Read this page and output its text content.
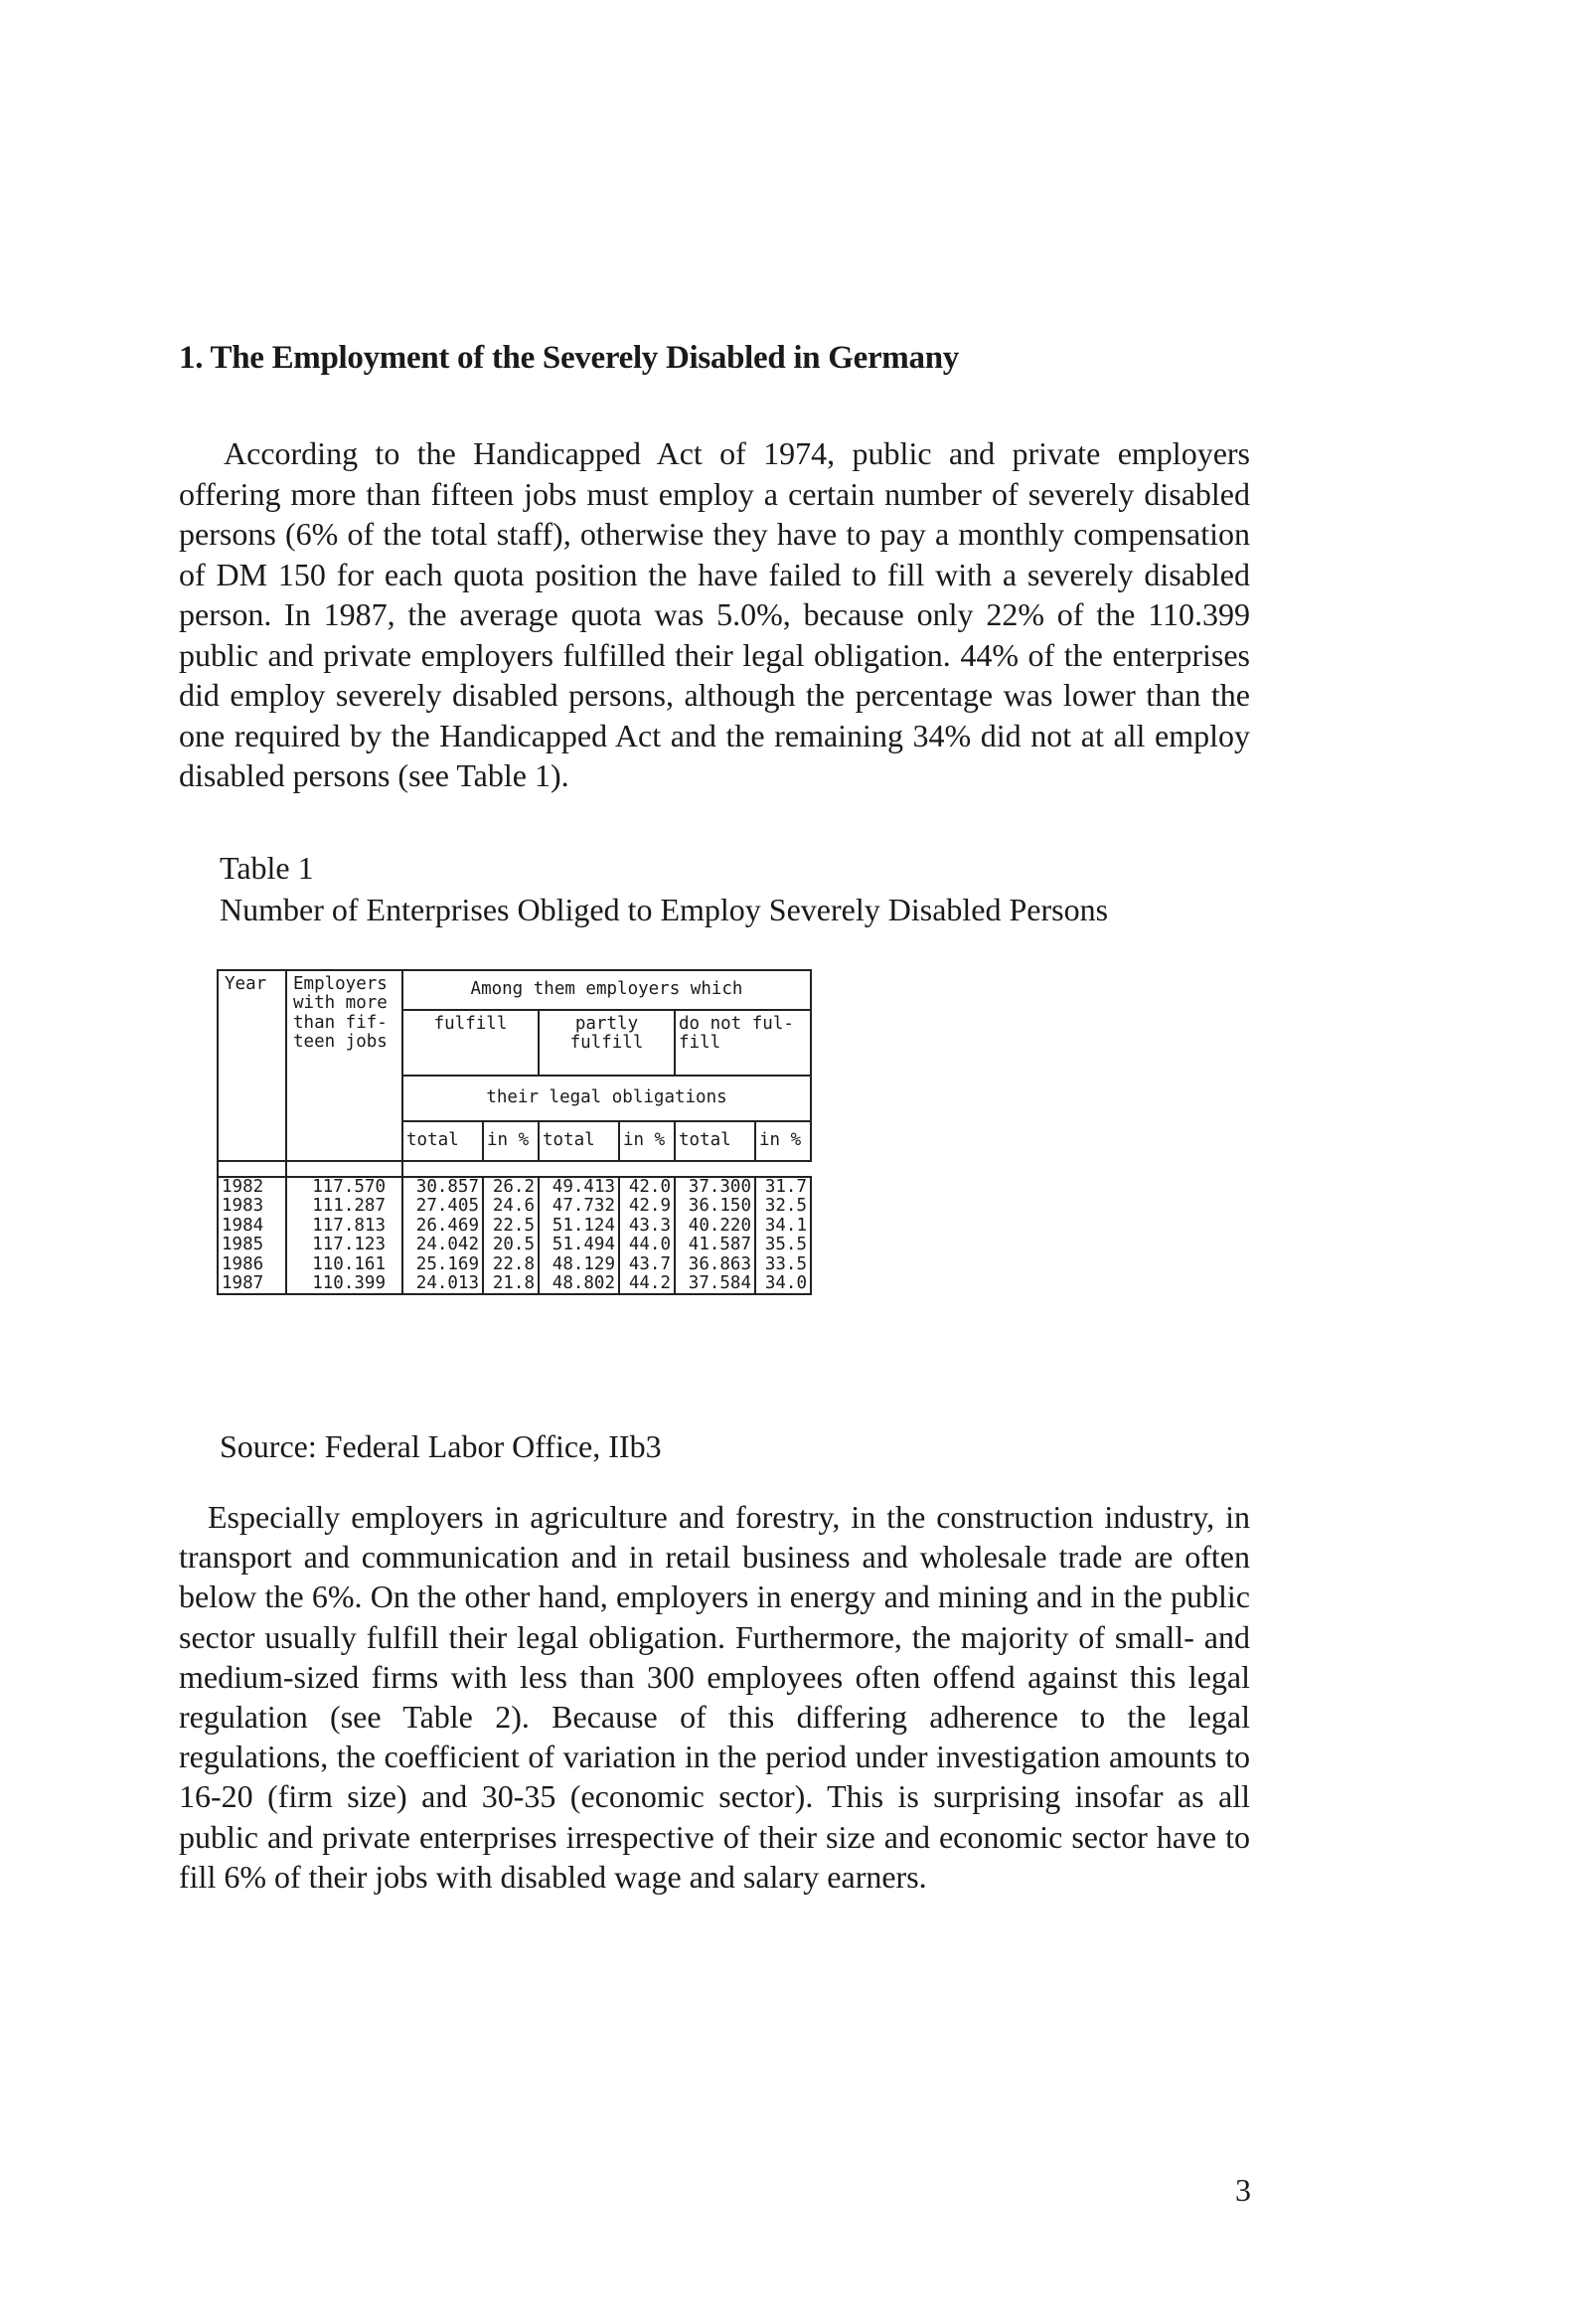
1. The Employment of the Severely Disabled in Germany
According to the Handicapped Act of 1974, public and private employers offering more than fifteen jobs must employ a certain number of severely disabled persons (6% of the total staff), otherwise they have to pay a monthly compensation of DM 150 for each quota position the have failed to fill with a severely disabled person. In 1987, the average quota was 5.0%, because only 22% of the 110.399 public and private employers fulfilled their legal obligation. 44% of the enterprises did employ severely disabled persons, although the percentage was lower than the one required by the Handicapped Act and the remaining 34% did not at all employ disabled persons (see Table 1).
Table 1
Number of Enterprises Obliged to Employ Severely Disabled Persons
Year	Employers with more than fif-teen jobs	Among them employers which					
		fulfill		partly fulfill		do not ful-fill	
		their legal obligations					
		total	in %	total	in %	total	in %

1982	117.570	30.857	26.2	49.413	42.0	37.300	31.7
1983	111.287	27.405	24.6	47.732	42.9	36.150	32.5
1984	117.813	26.469	22.5	51.124	43.3	40.220	34.1
1985	117.123	24.042	20.5	51.494	44.0	41.587	35.5
1986	110.161	25.169	22.8	48.129	43.7	36.863	33.5
1987	110.399	24.013	21.8	48.802	44.2	37.584	34.0
Source: Federal Labor Office, IIb3
Especially employers in agriculture and forestry, in the construction industry, in transport and communication and in retail business and wholesale trade are often below the 6%. On the other hand, employers in energy and mining and in the public sector usually fulfill their legal obligation. Furthermore, the majority of small- and medium-sized firms with less than 300 employees often offend against this legal regulation (see Table 2). Because of this differing adherence to the legal regulations, the coefficient of variation in the period under investigation amounts to 16-20 (firm size) and 30-35 (economic sector). This is surprising insofar as all public and private enterprises irrespective of their size and economic sector have to fill 6% of their jobs with disabled wage and salary earners.
3
